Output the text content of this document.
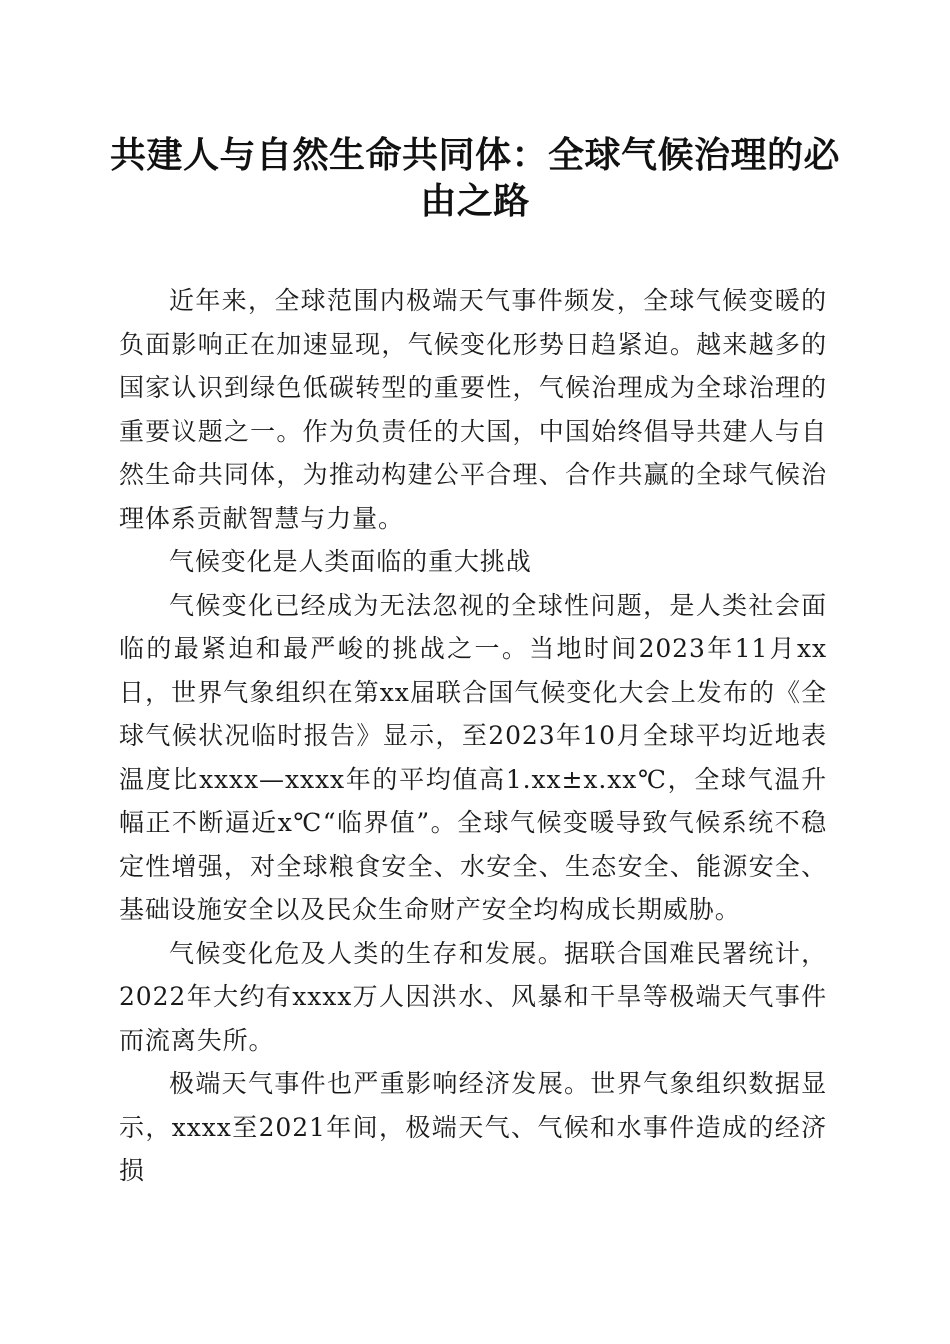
共建人与自然生命共同体：全球气候治理的必由之路

近年来，全球范围内极端天气事件频发，全球气候变暖的负面影响正在加速显现，气候变化形势日趋紧迫。越来越多的国家认识到绿色低碳转型的重要性，气候治理成为全球治理的重要议题之一。作为负责任的大国，中国始终倡导共建人与自然生命共同体，为推动构建公平合理、合作共赢的全球气候治理体系贡献智慧与力量。

气候变化是人类面临的重大挑战

气候变化已经成为无法忽视的全球性问题，是人类社会面临的最紧迫和最严峻的挑战之一。当地时间2023年11月xx日，世界气象组织在第xx届联合国气候变化大会上发布的《全球气候状况临时报告》显示，至2023年10月全球平均近地表温度比xxxx—xxxx年的平均值高1.xx±x.xx℃，全球气温升幅正不断逼近x℃“临界值”。全球气候变暖导致气候系统不稳定性增强，对全球粮食安全、水安全、生态安全、能源安全、基础设施安全以及民众生命财产安全均构成长期威胁。

气候变化危及人类的生存和发展。据联合国难民署统计，2022年大约有xxxx万人因洪水、风暴和干旱等极端天气事件而流离失所。

极端天气事件也严重影响经济发展。世界气象组织数据显示，xxxx至2021年间，极端天气、气候和水事件造成的经济损
